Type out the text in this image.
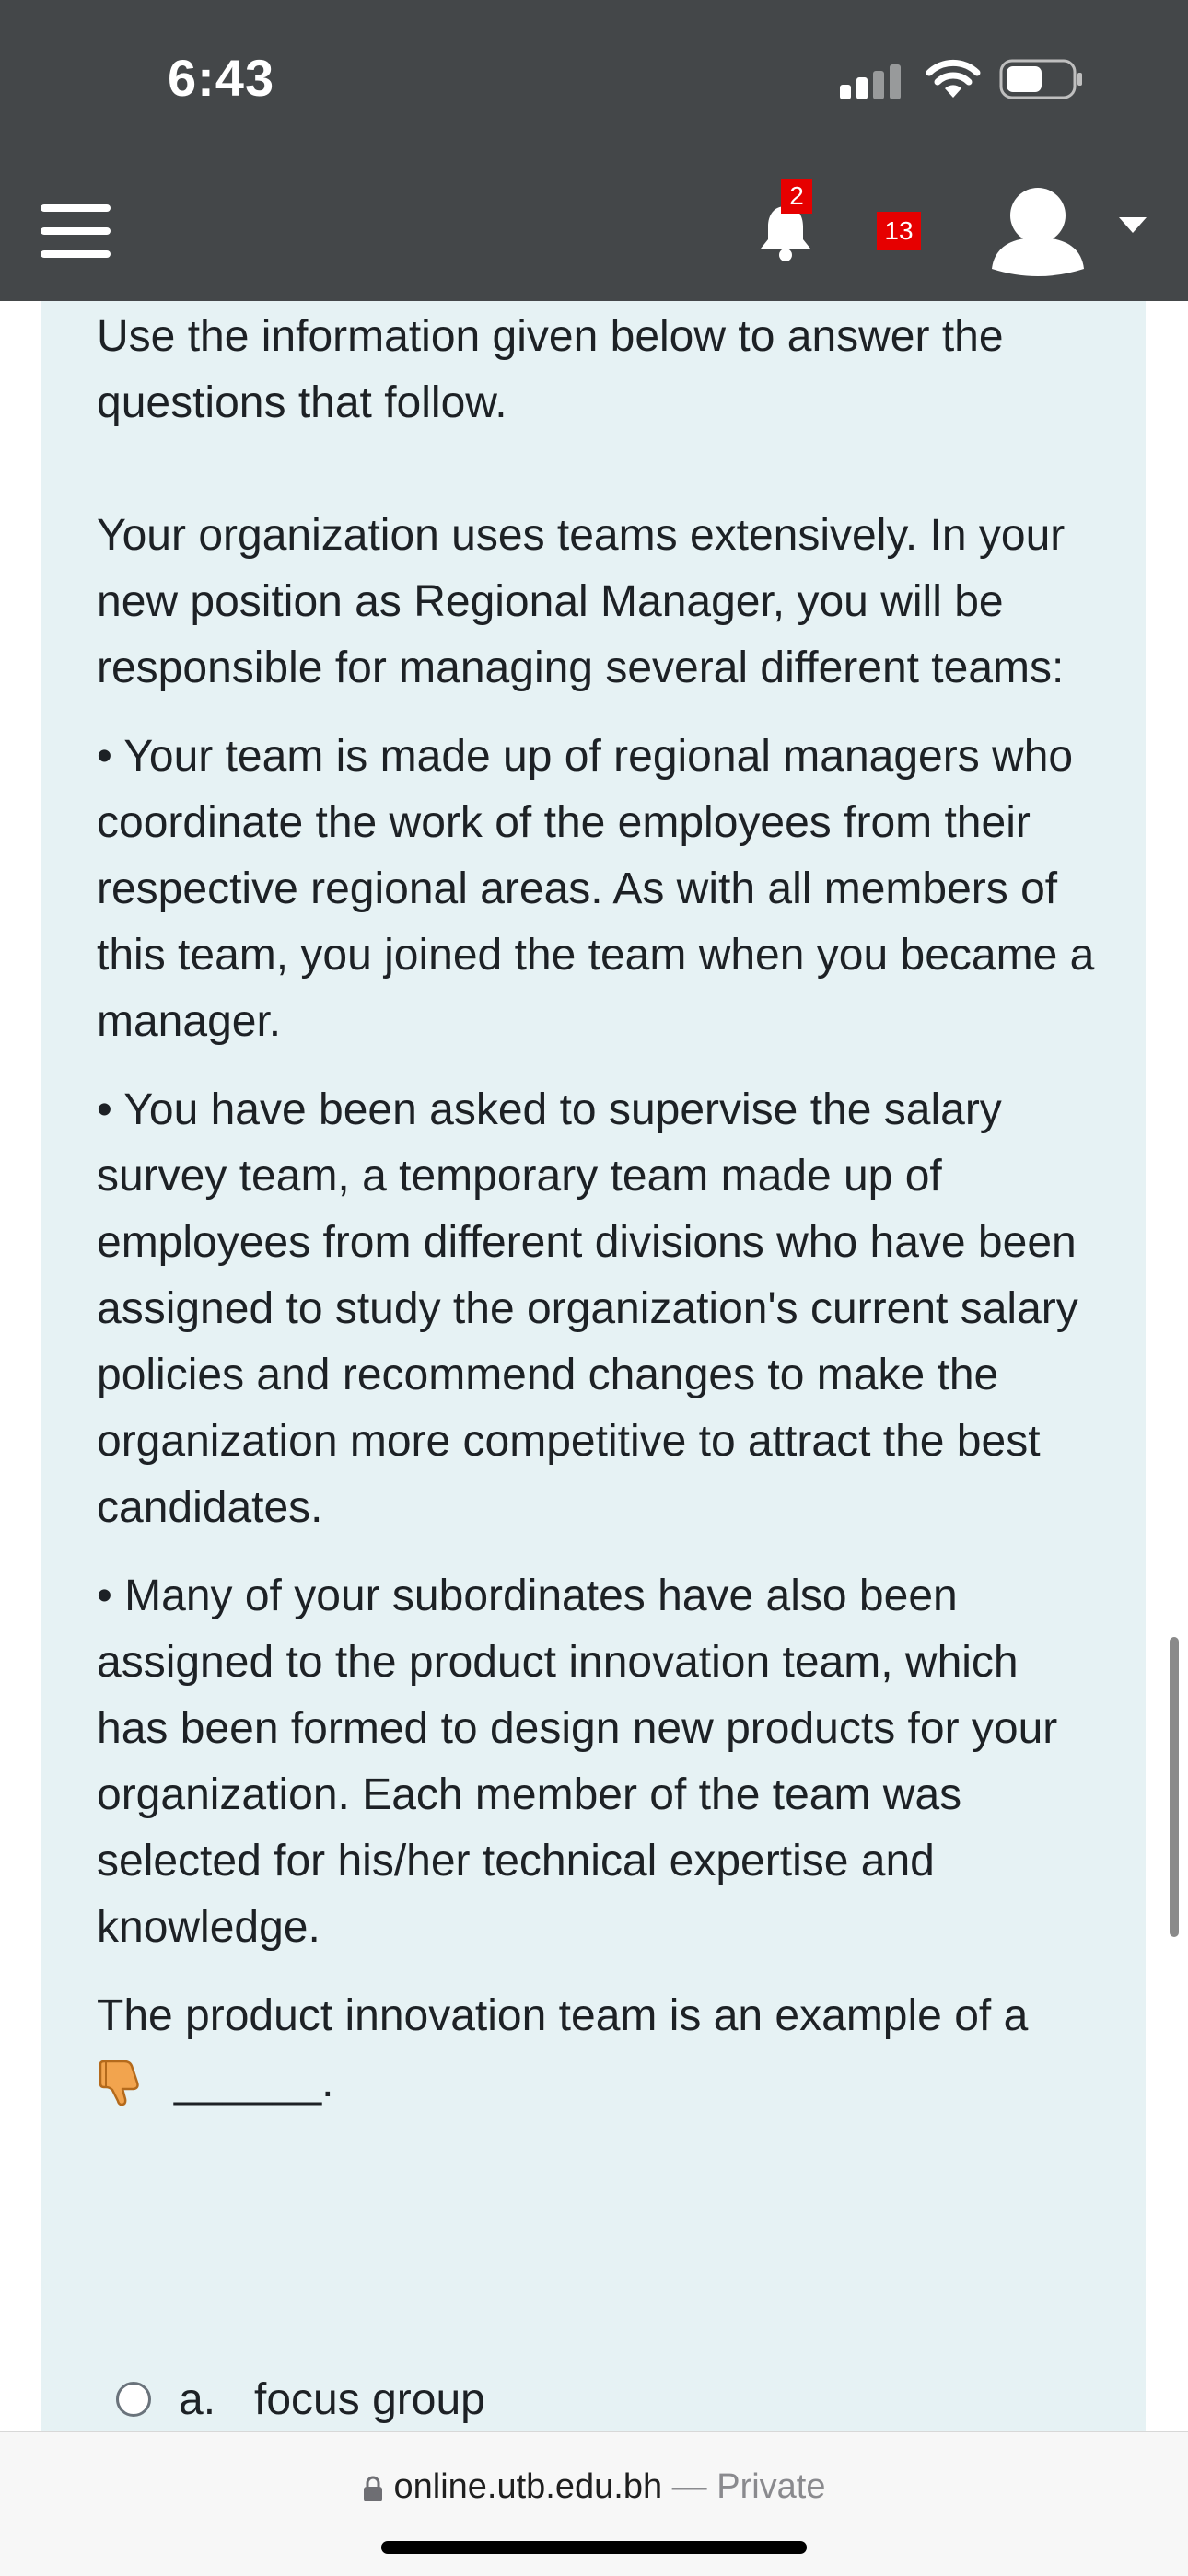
6:43
2
13

Use the information given below to answer the questions that follow.

Your organization uses teams extensively. In your new position as Regional Manager, you will be responsible for managing several different teams:

• Your team is made up of regional managers who coordinate the work of the employees from their respective regional areas. As with all members of this team, you joined the team when you became a manager.

• You have been asked to supervise the salary survey team, a temporary team made up of employees from different divisions who have been assigned to study the organization's current salary policies and recommend changes to make the organization more competitive to attract the best candidates.

• Many of your subordinates have also been assigned to the product innovation team, which has been formed to design new products for your organization. Each member of the team was selected for his/her technical expertise and knowledge.

The product innovation team is an example of a

______.
a. focus group
online.utb.edu.bh — Private
